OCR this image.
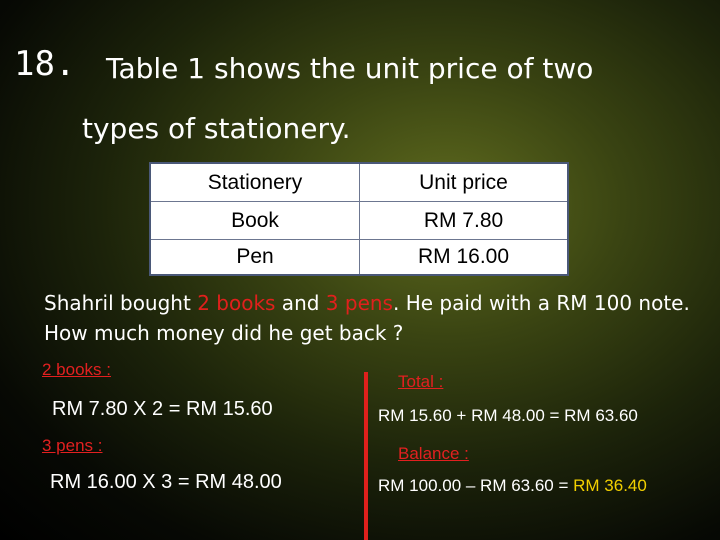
18. Table 1 shows the unit price of two
types of stationery.
Stationery	Unit price
Book	RM 7.80
Pen	RM 16.00
Shahril bought 2 books and 3 pens. He paid with a RM 100 note. How much money did he get back ?
2 books :
RM 7.80 X 2 = RM 15.60
3 pens :
RM 16.00 X 3 = RM 48.00
Total :
RM 15.60 + RM 48.00 = RM 63.60
Balance :
RM 100.00 – RM 63.60 = RM 36.40
